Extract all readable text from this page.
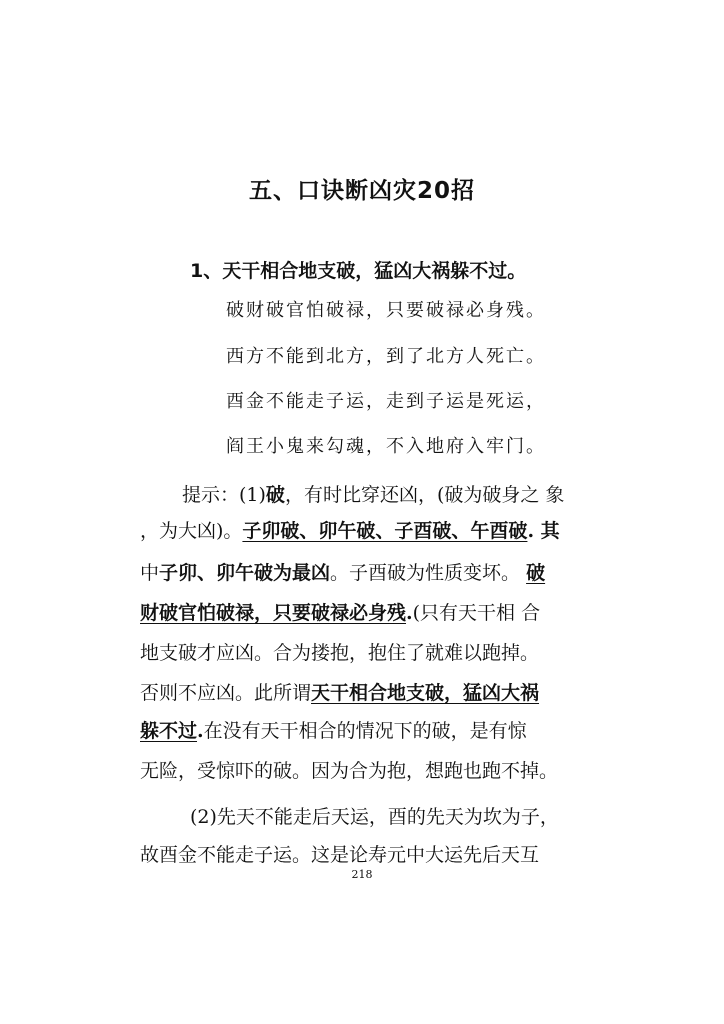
五、口诀断凶灾20招
1、天干相合地支破，猛凶大祸躲不过。
破财破官怕破禄，只要破禄必身残。
西方不能到北方，到了北方人死亡。
酉金不能走子运，走到子运是死运，
阎王小鬼来勾魂，不入地府入牢门。
提示：(1)破，有时比穿还凶，(破为破身之 象
，为大凶)。子卯破、卯午破、子酉破、午酉破. 其
中子卯、卯午破为最凶。子酉破为性质变坏。 破
财破官怕破禄，只要破禄必身残.(只有天干相 合
地支破才应凶。合为搂抱，抱住了就难以跑掉。
否则不应凶。此所谓天干相合地支破，猛凶大祸
躲不过.在没有天干相合的情况下的破，是有惊
无险，受惊吓的破。因为合为抱，想跑也跑不掉。
(2)先天不能走后天运，酉的先天为坎为子，
故酉金不能走子运。这是论寿元中大运先后天互
218
